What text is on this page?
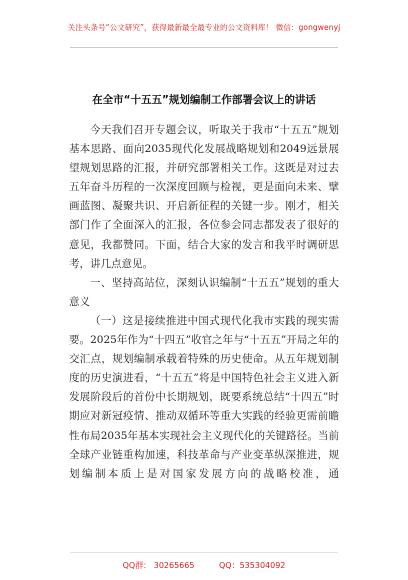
关注头条号“公文研究”，获得最新最全最专业的公文资料库！ 微信：gongwenyj
在全市“十五五”规划编制工作部署会议上的讲话

今天我们召开专题会议，听取关于我市“十五五”规划基本思路、面向2035现代化发展战略规划和2049远景展望规划思路的汇报，并研究部署相关工作。这既是对过去五年奋斗历程的一次深度回顾与检视，更是面向未来、擘画蓝图、凝聚共识、开启新征程的关键一步。刚才，相关部门作了全面深入的汇报，各位参会同志都发表了很好的意见，我都赞同。下面，结合大家的发言和我平时调研思考，讲几点意见。

一、坚持高站位，深刻认识编制“十五五”规划的重大意义

（一）这是接续推进中国式现代化我市实践的现实需要。2025年作为“十四五”收官之年与“十五五”开局之年的交汇点，规划编制承载着特殊的历史使命。从五年规划制度的历史演进看，“十五五”将是中国特色社会主义进入新发展阶段后的首份中长期规划，既要系统总结“十四五”时期应对新冠疫情、推动双循环等重大实践的经验更需前瞻性布局2035年基本实现社会主义现代化的关键路径。当前全球产业链重构加速，科技革命与产业变革纵深推进，规划编制本质上是对国家发展方向的战略校准，通

QQ群： 30265665	QQ：535304092
